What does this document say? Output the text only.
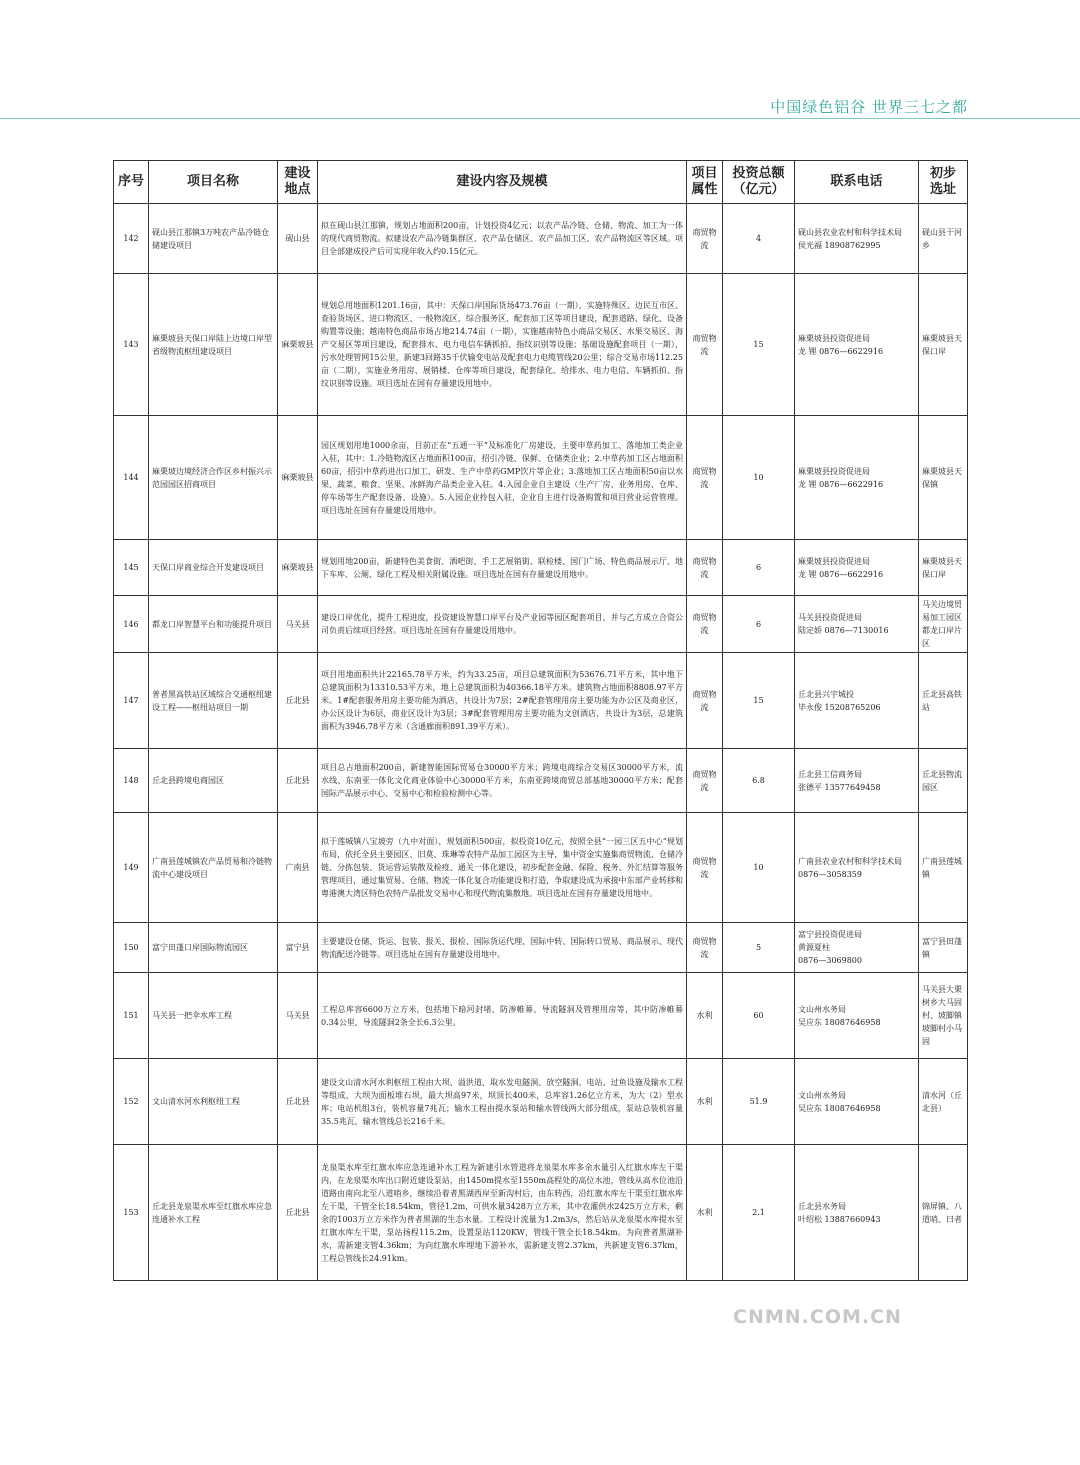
中国绿色铝谷 世界三七之都
序号	项目名称	建设
地点	建设内容及规模	项目
属性	投资总额
（亿元）	联系电话	初步
选址
142	砚山县江那镇3万吨农产品冷链仓储建设项目	砚山县	拟在砚山县江那镇，规划占地面积200亩，计划投资4亿元；以农产品冷链、仓储、物流、加工为一体的现代商贸物流。拟建设农产品冷链集群区、农产品仓储区、农产品加工区、农产品物流区等区域。项目全部建成投产后可实现年收入约0.15亿元。	商贸物流	4	砚山县农业农村和科学技术局
侯光福 18908762995	砚山县干河乡
143	麻栗坡县天保口岸陆上边境口岸型省级物流枢纽建设项目	麻栗坡县	规划总用地面积1201.16亩，其中：天保口岸国际货场473.76亩（一期），实施特殊区、边民互市区、查验货场区、进口物流区、一般物流区、综合服务区、配套加工区等项目建设，配套道路、绿化、设备购置等设施；越南特色商品市场占地214.74亩（一期），实施越南特色小商品交易区、水果交易区、海产交易区等项目建设，配套排水、电力电信车辆抓拍、指纹识别等设施；基础设施配套项目（一期），污水处理管网15公里，新建3回路35千伏输变电站及配套电力电缆管线20公里；综合交易市场112.25亩（二期），实施业务用房、展销楼、仓库等项目建设，配套绿化、给排水、电力电信、车辆抓拍、指纹识别等设施。项目选址在国有存量建设用地中。	商贸物流	15	麻栗坡县投资促进局
龙 锂 0876—6622916	麻栗坡县天保口岸
144	麻栗坡边境经济合作区乡村振兴示范园园区招商项目	麻栗坡县	园区规划用地1000余亩，目前正在“五通一平”及标准化厂房建设，主要申草药加工、落地加工类企业入驻，其中：1.冷链物流区占地面积100亩，招引冷链、保鲜、仓储类企业；2.中草药加工区占地面积60亩，招引中草药进出口加工、研发、生产中草药GMP饮片等企业；3.落地加工区占地面积50亩以水果、蔬菜、粮食、坚果、冰鲜海产品类企业入驻。4.入园企业自主建设（生产厂房、业务用房、仓库、停车场等生产配套设备、设施）。5.入园企业拎包入驻，企业自主进行设备购置和项目营业运营管理。项目选址在国有存量建设用地中。	商贸物流	10	麻栗坡县投资促进局
龙 锂 0876—6622916	麻栗坡县天保镇
145	天保口岸商业综合开发建设项目	麻栗坡县	规划用地200亩，新建特色美食街、酒吧街、手工艺展销街、联检楼、国门广场、特色商品展示厅、地下车库、公厕、绿化工程及相关附属设施。项目选址在国有存量建设用地中。	商贸物流	6	麻栗坡县投资促进局
龙 锂 0876—6622916	麻栗坡县天保口岸
146	都龙口岸智慧平台和功能提升项目	马关县	建设口岸优化，提升工程进度，投资建设智慧口岸平台及产业园等园区配套项目，并与乙方成立合资公司负责后续项目经营。项目选址在国有存量建设用地中。	商贸物流	6	马关县投资促进局
陆定娇 0876—7130016	马关边境贸易加工园区都龙口岸片区
147	普者黑高铁站区域综合交通枢纽建设工程——枢纽站项目一期	丘北县	项目用地面积共计22165.78平方米，约为33.25亩，项目总建筑面积为53676.71平方米，其中地下总建筑面积为13310.53平方米，地上总建筑面积为40366.18平方米。建筑物占地面积8808.97平方米。1#配套服务用房主要功能为酒店，共设计为7层；2#配套管理用房主要功能为办公区及商业区，办公区设计为6层，商业区设计为3层；3#配套管理用房主要功能为文创酒店，共设计为3层，总建筑面积为3946.78平方米（含通廊面积891.39平方米）。	商贸物流	15	丘北县兴宇城投
毕永俊 15208765206	丘北县高铁站
148	丘北县跨境电商园区	丘北县	项目总占地面积200亩，新建智能国际贸易仓30000平方米；跨境电商综合交易区30000平方米，流水线、东南亚一体化文化商业体验中心30000平方米，东南亚跨境商贸总部基地30000平方米；配套国际产品展示中心、交易中心和检验检测中心等。	商贸物流	6.8	丘北县工信商务局
张德平 13577649458	丘北县物流园区
149	广南县莲城镇农产品贸易和冷链物流中心建设项目	广南县	拟于莲城镇八宝坡旁（九中对面），规划面积500亩，拟投资10亿元，按照全县“一园三区五中心”规划布局，依托全县主要园区、旧莫、珠琳等农特产品加工园区为主导，集中资金实施集商贸物流、仓储冷链、分拣包装、货运营运装散及检疫、通关一体化建设，初步配套金融、保险、税务、外汇结算等服务管理项目，通过集贸易、仓储、物流一体化复合功能建设和打造，争取建设成为承接中东部产业转移和粤港澳大湾区特色农特产品批发交易中心和现代物流集散地。项目选址在国有存量建设用地中。	商贸物流	10	广南县农业农村和科学技术局
0876—3058359	广南县莲城镇
150	富宁田蓬口岸国际物流园区	富宁县	主要建设仓储、货运、包装、报关、报检、国际货运代理、国际中转、国际转口贸易、商品展示、现代物流配送冷链等。项目选址在国有存量建设用地中。	商贸物流	5	富宁县投资促进局
黄源夏柱
0876—3069800	富宁县田蓬镇
151	马关县一把伞水库工程	马关县	工程总库容6600万立方米，包括地下暗河封堵、防渗帷幕、导流隧洞及管理用房等，其中防渗帷幕0.34公里，导流隧洞2条全长6.3公里。	水利	60	文山州水务局
吴应东 18087646958	马关县大栗树乡大马固村、坡脚镇坡脚村小马固
152	文山清水河水利枢纽工程	丘北县	建设文山清水河水利枢纽工程由大坝、溢洪道、取水发电隧洞、放空隧洞、电站、过鱼设施及输水工程等组成，大坝为面板堆石坝，最大坝高97米，坝顶长400米，总库容1.26亿立方米，为大（2）型水库；电站机组3台，装机容量7兆瓦；输水工程由提水泵站和输水管线两大部分组成，泵站总装机容量35.5兆瓦，输水管线总长216千米。	水利	51.9	文山州水务局
吴应东 18087646958	清水河（丘北县）
153	丘北县龙泉渠水库至红旗水库应急连通补水工程	丘北县	龙泉渠水库至红旗水库应急连通补水工程为新建引水管道将龙泉渠水库多余水量引入红旗水库左干渠内，在龙泉渠水库出口附近建设泵站，由1450m提水至1550m高程处的高位水池，管线从高水位池沿道路由南向北至八道哨乡，继续沿着者黑湖西岸至新沟村后，由东转西，沿红旗水库左干渠至红旗水库左干渠，干管全长18.54km，管径1.2m，可供水量3428万立方米，其中农灌供水2425万立方米，剩余的1003万立方米作为普者黑湖的生态水量。工程设计流量为1.2m3/s，然后站从龙泉渠水库提水至红旗水库左干渠，泵站扬程115.2m，设置泵站1120KW，管线干管全长18.54km。为向普者黑湖补水，需新建支管4.36km；为向红旗水库埋地下游补水，需新建支管2.37km，共新建支管6.37km，工程总管线长24.91km。	水利	2.1	丘北县水务局
叶绍松 13887660943	锦屏镇、八道哨、曰者
CNMN.COM.CN
